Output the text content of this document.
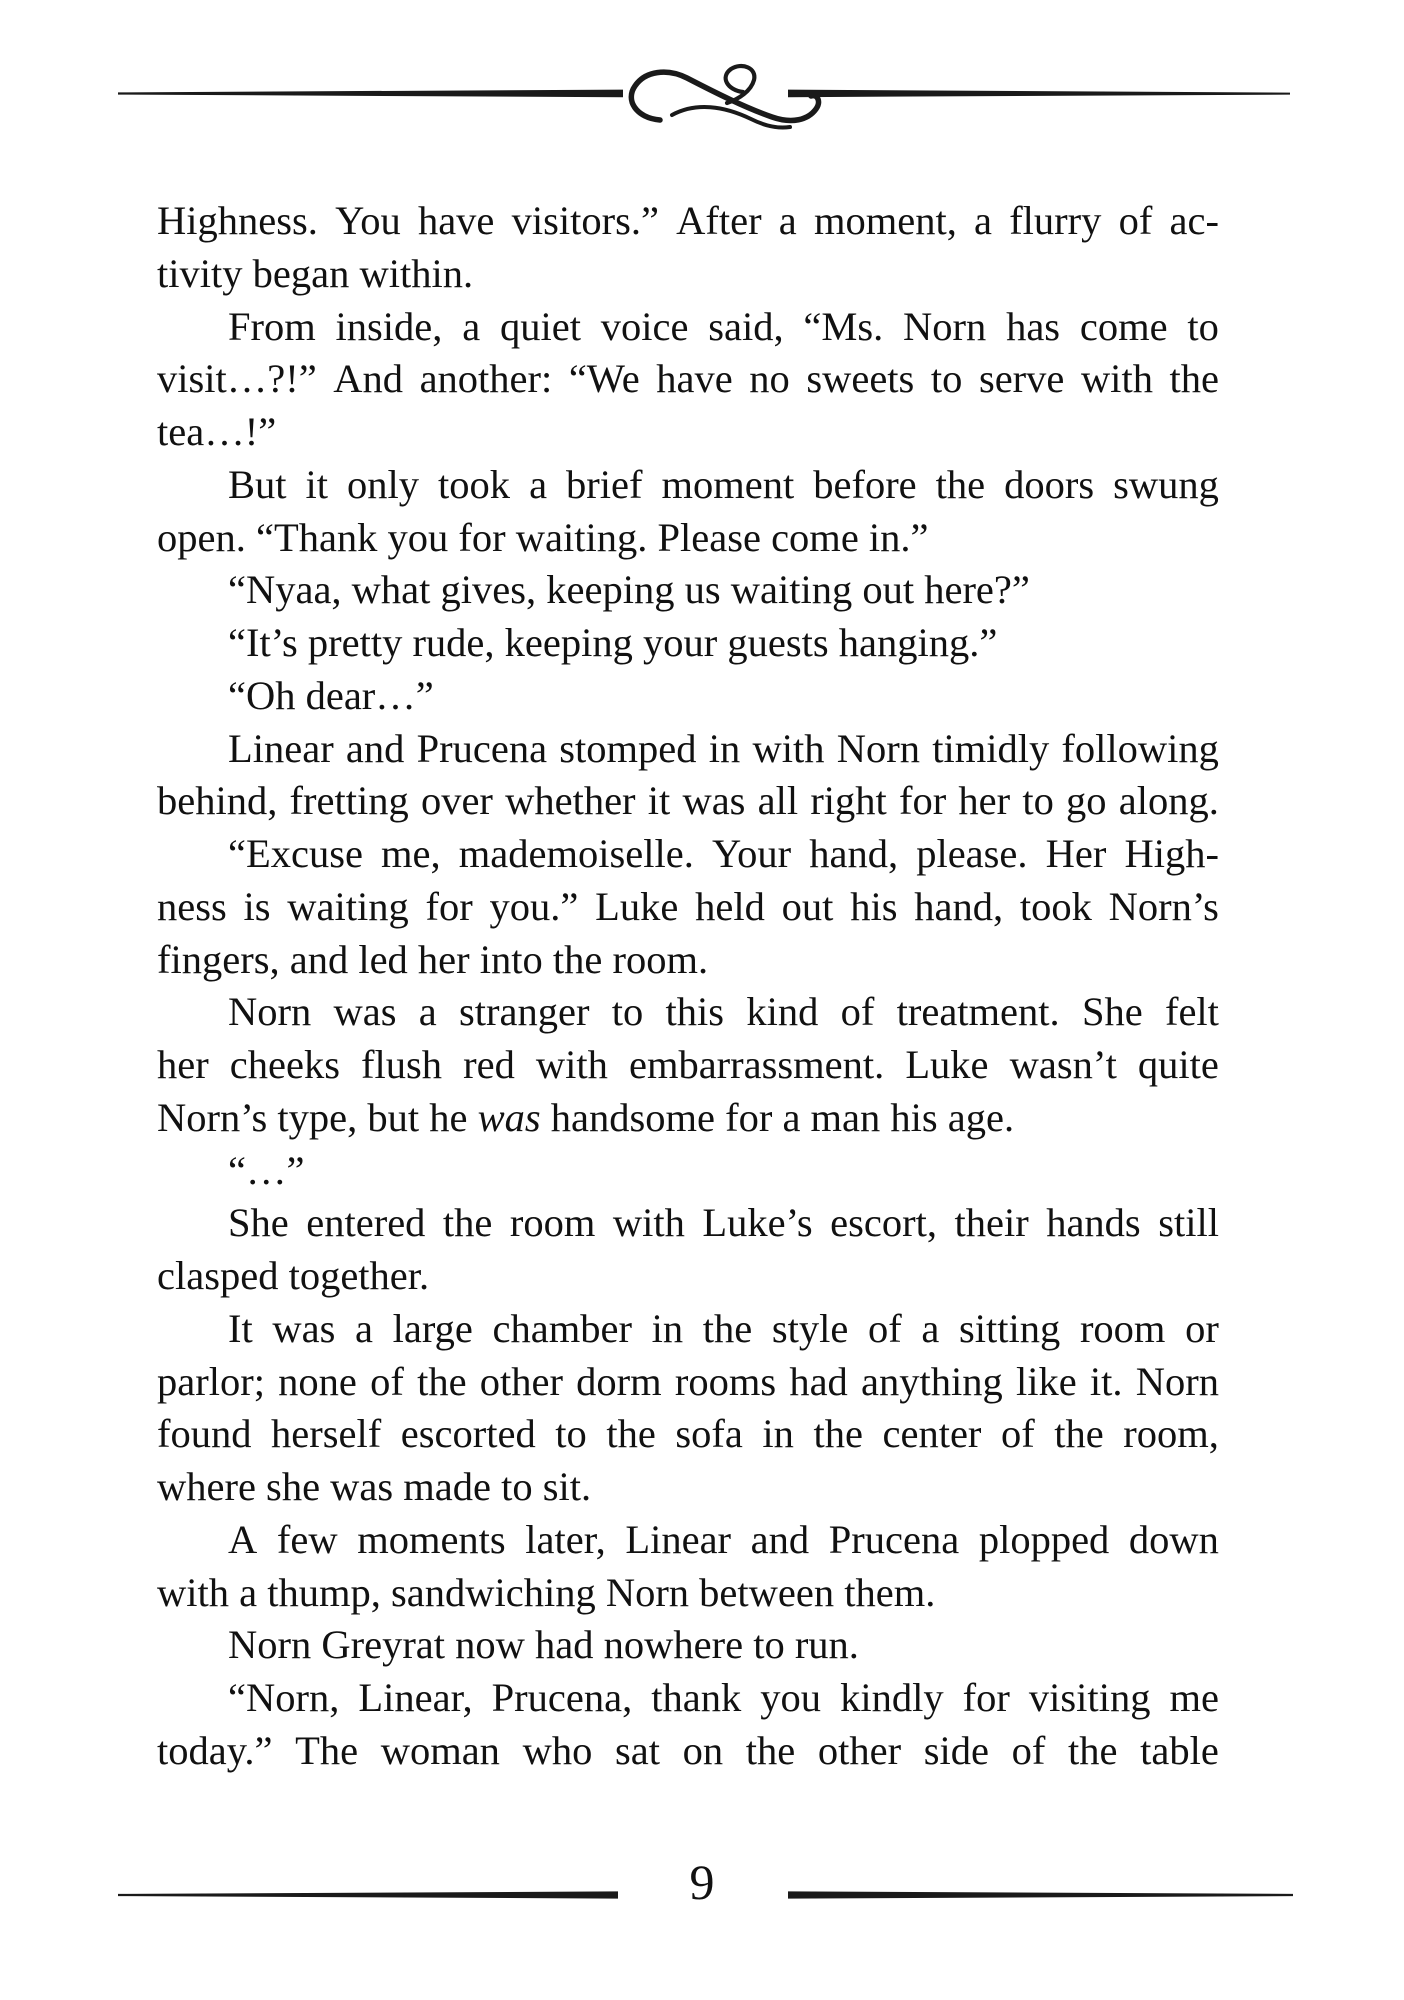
Highness. You have visitors.” After a moment, a flurry of ac-
tivity began within.
From inside, a quiet voice said, “Ms. Norn has come to
visit…?!” And another: “We have no sweets to serve with the
tea…!”
But it only took a brief moment before the doors swung
open. “Thank you for waiting. Please come in.”
“Nyaa, what gives, keeping us waiting out here?”
“It’s pretty rude, keeping your guests hanging.”
“Oh dear…”
Linear and Prucena stomped in with Norn timidly following
behind, fretting over whether it was all right for her to go along.
“Excuse me, mademoiselle. Your hand, please. Her High-
ness is waiting for you.” Luke held out his hand, took Norn’s
fingers, and led her into the room.
Norn was a stranger to this kind of treatment. She felt
her cheeks flush red with embarrassment. Luke wasn’t quite
Norn’s type, but he was handsome for a man his age.
“…”
She entered the room with Luke’s escort, their hands still
clasped together.
It was a large chamber in the style of a sitting room or
parlor; none of the other dorm rooms had anything like it. Norn
found herself escorted to the sofa in the center of the room,
where she was made to sit.
A few moments later, Linear and Prucena plopped down
with a thump, sandwiching Norn between them.
Norn Greyrat now had nowhere to run.
“Norn, Linear, Prucena, thank you kindly for visiting me
today.” The woman who sat on the other side of the table
9
